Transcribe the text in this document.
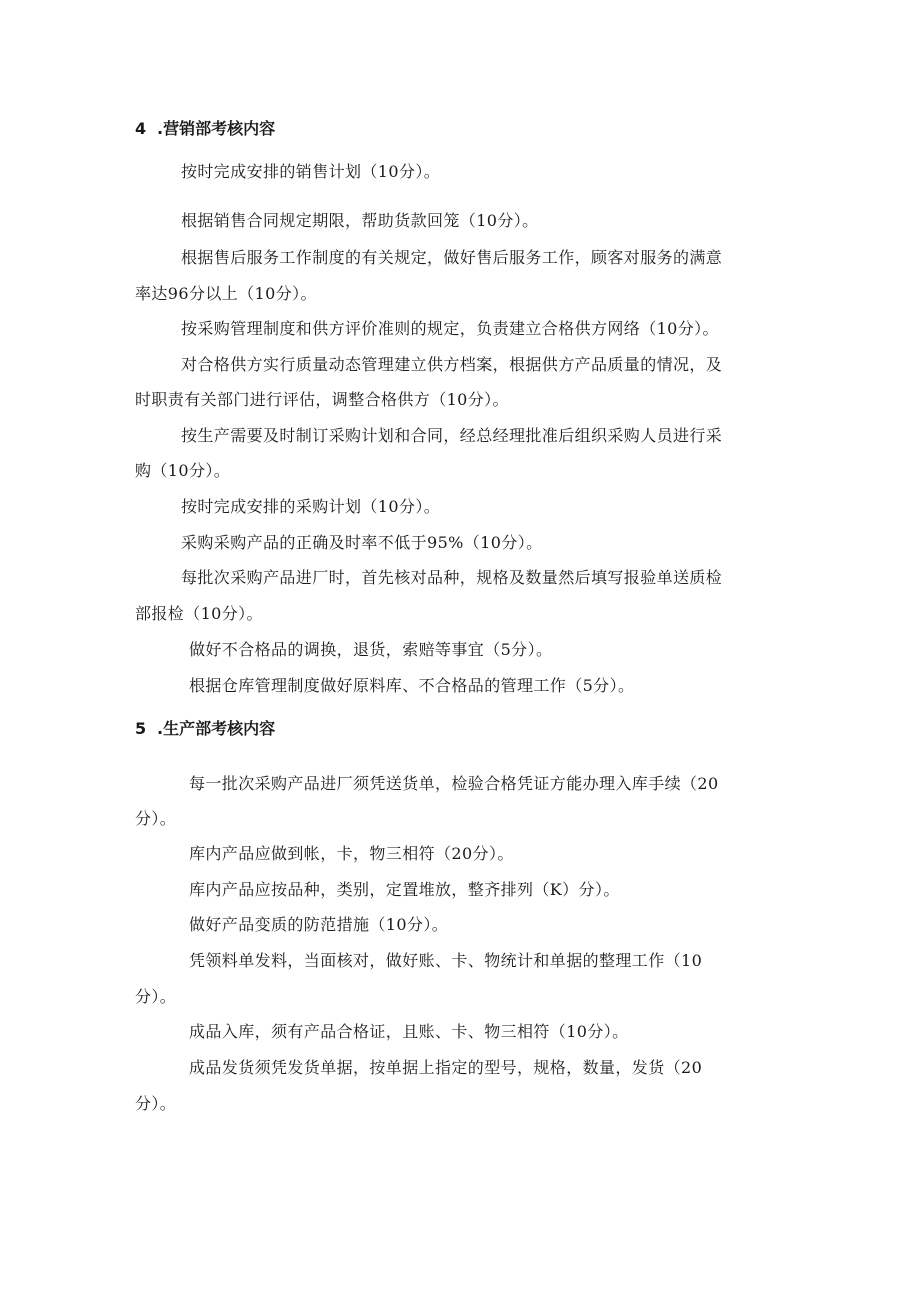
4 .营销部考核内容
按时完成安排的销售计划（10分）。
根据销售合同规定期限，帮助货款回笼（10分）。
根据售后服务工作制度的有关规定，做好售后服务工作，顾客对服务的满意
率达96分以上（10分）。
按采购管理制度和供方评价准则的规定，负责建立合格供方网络（10分）。
对合格供方实行质量动态管理建立供方档案，根据供方产品质量的情况，及
时职责有关部门进行评估，调整合格供方（10分）。
按生产需要及时制订采购计划和合同，经总经理批准后组织采购人员进行采
购（10分）。
按时完成安排的采购计划（10分）。
采购采购产品的正确及时率不低于95%（10分）。
每批次采购产品进厂时，首先核对品种，规格及数量然后填写报验单送质检
部报检（10分）。
做好不合格品的调换，退货，索赔等事宜（5分）。
根据仓库管理制度做好原料库、不合格品的管理工作（5分）。
5 .生产部考核内容
每一批次采购产品进厂须凭送货单，检验合格凭证方能办理入库手续（20
分）。
库内产品应做到帐，卡，物三相符（20分）。
库内产品应按品种，类别，定置堆放，整齐排列（K）分）。
做好产品变质的防范措施（10分）。
凭领料单发料，当面核对，做好账、卡、物统计和单据的整理工作（10
分）。
成品入库，须有产品合格证，且账、卡、物三相符（10分）。
成品发货须凭发货单据，按单据上指定的型号，规格，数量，发货（20
分）。
